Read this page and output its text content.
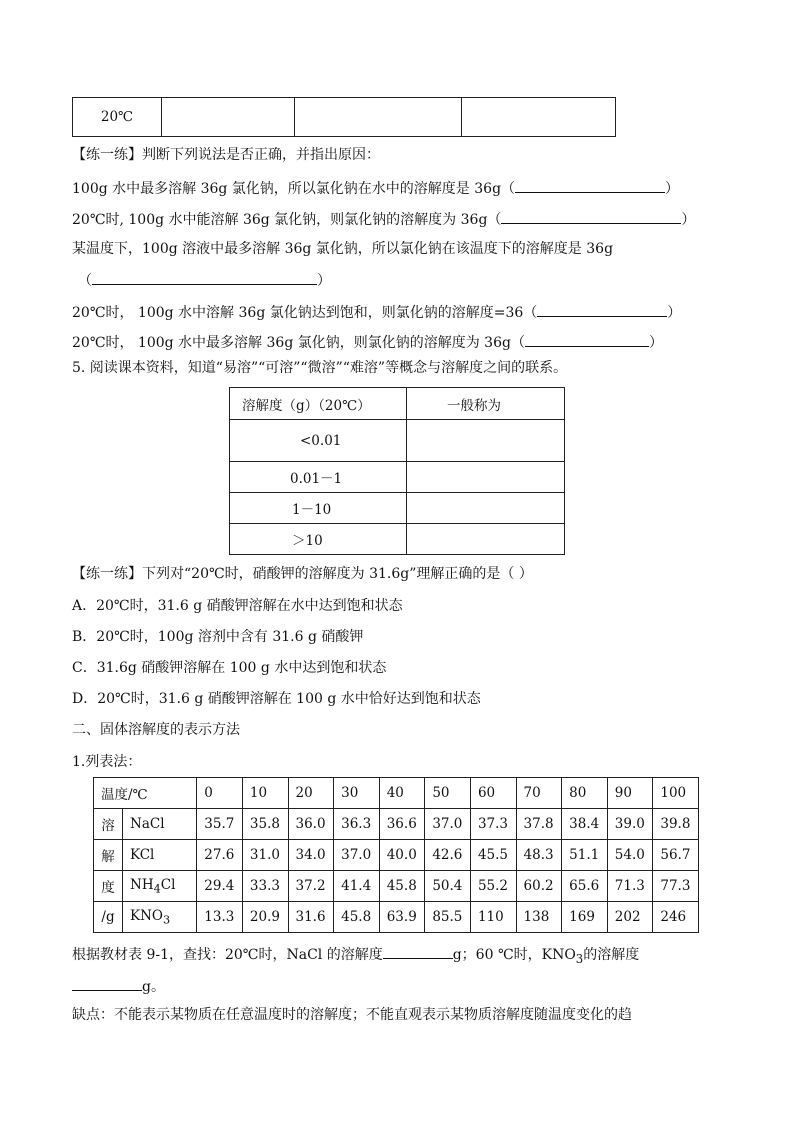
20℃			
【练一练】判断下列说法是否正确，并指出原因：
100g 水中最多溶解 36g 氯化钠，所以氯化钠在水中的溶解度是 36g（	）
20℃时, 100g 水中能溶解 36g 氯化钠，则氯化钠的溶解度为 36g（	）
某温度下，100g 溶液中最多溶解 36g 氯化钠，所以氯化钠在该温度下的溶解度是 36g
（	）
20℃时， 100g 水中溶解 36g 氯化钠达到饱和，则氯化钠的溶解度=36（	）
20℃时， 100g 水中最多溶解 36g 氯化钠，则氯化钠的溶解度为 36g（	）
5. 阅读课本资料，知道“易溶”“可溶”“微溶”“难溶”等概念与溶解度之间的联系。
溶解度（g）（20℃）	一般称为
<0.01	
0.01－1	
1－10	
＞10	
【练一练】下列对“20℃时，硝酸钾的溶解度为 31.6g”理解正确的是（ ）
A．20℃时，31.6 g 硝酸钾溶解在水中达到饱和状态
B．20℃时，100g 溶剂中含有 31.6 g 硝酸钾
C．31.6g 硝酸钾溶解在 100 g 水中达到饱和状态
D．20℃时，31.6 g 硝酸钾溶解在 100 g 水中恰好达到饱和状态
二、固体溶解度的表示方法
1.列表法：
温度/℃		0	10	20	30	40	50	60	70	80	90	100
溶	NaCl	35.7	35.8	36.0	36.3	36.6	37.0	37.3	37.8	38.4	39.0	39.8
解	KCl	27.6	31.0	34.0	37.0	40.0	42.6	45.5	48.3	51.1	54.0	56.7
度	$NH_4Cl$	29.4	33.3	37.2	41.4	45.8	50.4	55.2	60.2	65.6	71.3	77.3
/g	$KNO_3$	13.3	20.9	31.6	45.8	63.9	85.5	110	138	169	202	246
根据教材表 9-1，查找：20℃时，NaCl 的溶解度	g；60 ℃时，$KNO_3$的溶解度
g。
缺点：不能表示某物质在任意温度时的溶解度；不能直观表示某物质溶解度随温度变化的趋
